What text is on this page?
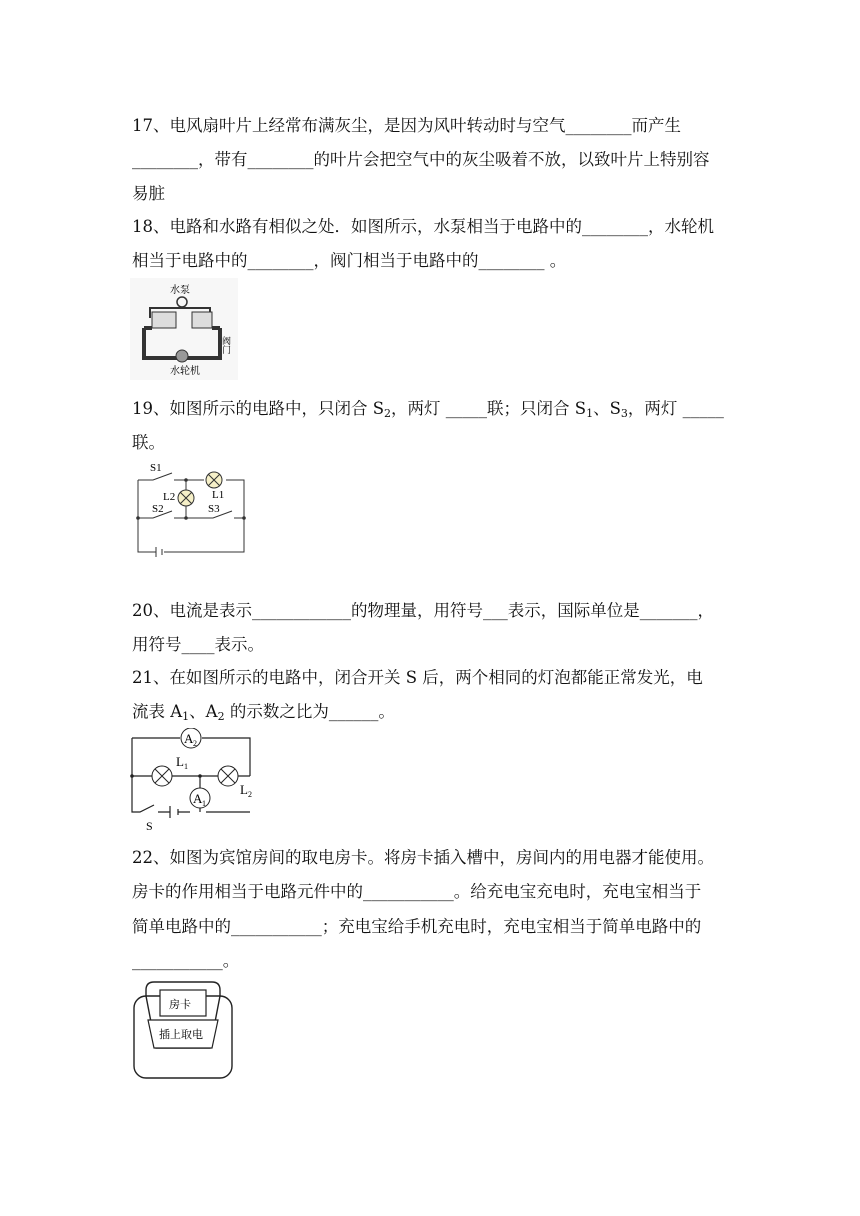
17、电风扇叶片上经常布满灰尘，是因为风叶转动时与空气________而产生
________，带有________的叶片会把空气中的灰尘吸着不放，以致叶片上特别容
易脏
18、电路和水路有相似之处．如图所示，水泵相当于电路中的________，水轮机
相当于电路中的________，阀门相当于电路中的________ 。
水泵
水轮机
阀门
19、如图所示的电路中，只闭合 $S_2$，两灯 _____联；只闭合 $S_1$、$S_3$，两灯 _____
联。
S1
L1
L2
S2	S3
20、电流是表示____________的物理量，用符号___表示，国际单位是_______，
用符号____表示。
21、在如图所示的电路中，闭合开关 S 后，两个相同的灯泡都能正常发光，电
流表 $A_1$、$A_2$ 的示数之比为______。
A 2
A 1
$L_1$
$L_2$
S
22、如图为宾馆房间的取电房卡。将房卡插入槽中，房间内的用电器才能使用。
房卡的作用相当于电路元件中的___________。给充电宝充电时，充电宝相当于
简单电路中的___________；充电宝给手机充电时，充电宝相当于简单电路中的
___________。
房卡
插上取电
